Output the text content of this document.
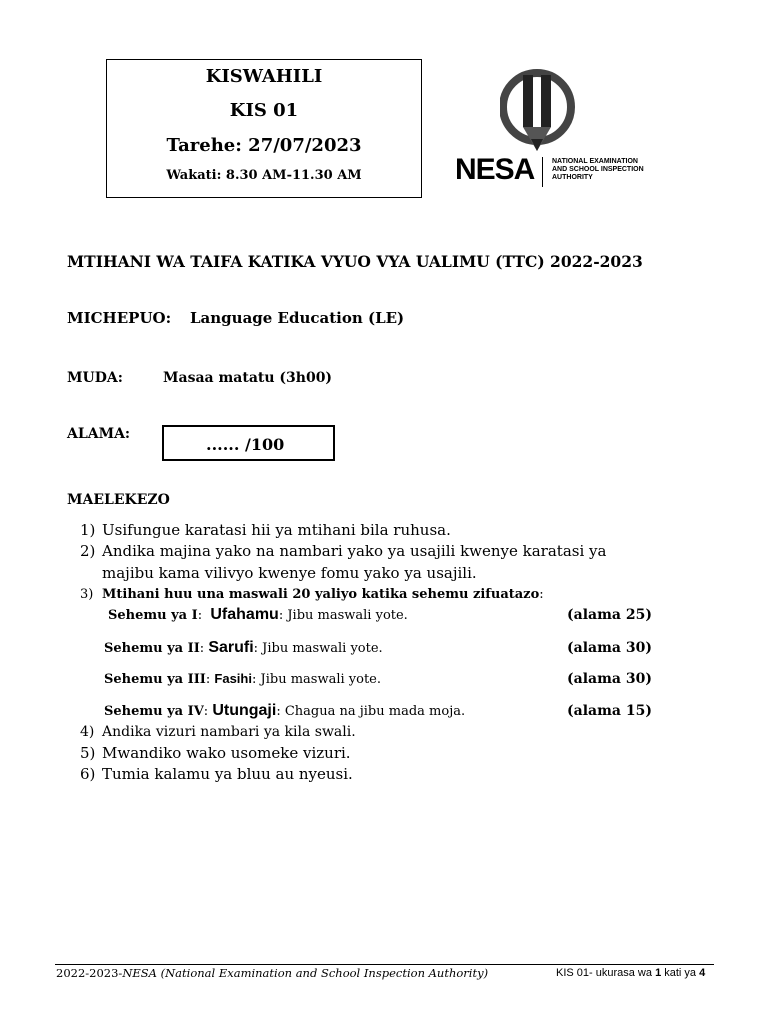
KISWAHILI
KIS 01
Tarehe: 27/07/2023
Wakati: 8.30 AM-11.30 AM	NESA	NATIONAL EXAMINATION
AND SCHOOL INSPECTION
AUTHORITY
MTIHANI WA TAIFA KATIKA VYUO VYA UALIMU (TTC) 2022-2023
MICHEPUO: Language Education (LE)
MUDA:	Masaa matatu (3h00)
ALAMA:
...... /100
MAELEKEZO
1) Usifungue karatasi hii ya mtihani bila ruhusa.
2) Andika majina yako na nambari yako ya usajili kwenye karatasi ya
majibu kama vilivyo kwenye fomu yako ya usajili.
3) Mtihani huu una maswali 20 yaliyo katika sehemu zifuatazo:
Sehemu ya I: Ufahamu: Jibu maswali yote.	(alama 25)
Sehemu ya II: Sarufi: Jibu maswali yote.	(alama 30)
Sehemu ya III: Fasihi: Jibu maswali yote.	(alama 30)
Sehemu ya IV: Utungaji: Chagua na jibu mada moja.	(alama 15)
4) Andika vizuri nambari ya kila swali.
5) Mwandiko wako usomeke vizuri.
6) Tumia kalamu ya bluu au nyeusi.
2022-2023-NESA (National Examination and School Inspection Authority)	KIS 01- ukurasa wa 1 kati ya 4
